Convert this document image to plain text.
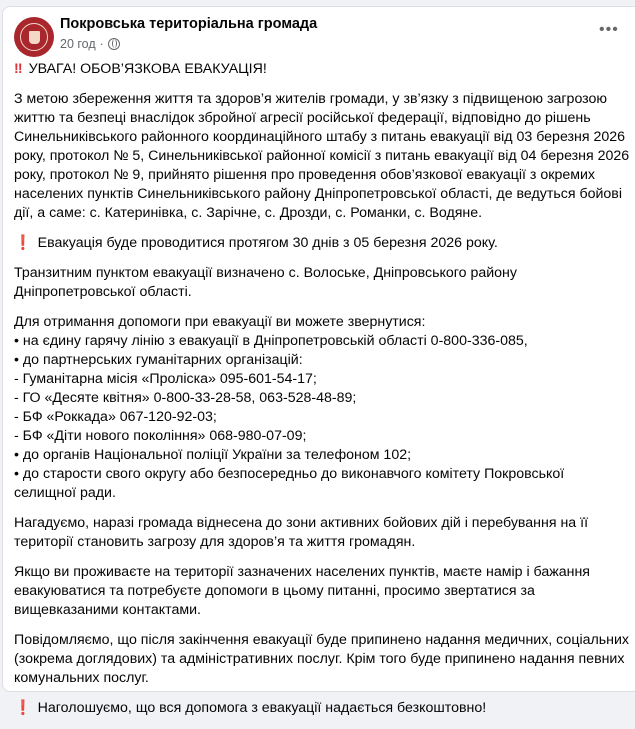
Покровська територіальна громада
20 год ·
•••
‼ УВАГА! ОБОВ’ЯЗКОВА ЕВАКУАЦІЯ!
З метою збереження життя та здоров’я жителів громади, у зв’язку з підвищеною загрозою
життю та безпеці внаслідок збройної агресії російської федерації, відповідно до рішень
Синельниківського районного координаційного штабу з питань евакуації від 03 березня 2026
року, протокол № 5, Синельниківської районної комісії з питань евакуації від 04 березня 2026
року, протокол № 9, прийнято рішення про проведення обов’язкової евакуації з окремих
населених пунктів Синельниківського району Дніпропетровської області, де ведуться бойові
дії, а саме: с. Катеринівка, с. Зарічне, с. Дрозди, с. Романки, с. Водяне.
❗ Евакуація буде проводитися протягом 30 днів з 05 березня 2026 року.
Транзитним пунктом евакуації визначено с. Волоське, Дніпровського району
Дніпропетровської області.
Для отримання допомоги при евакуації ви можете звернутися:
• на єдину гарячу лінію з евакуації в Дніпропетровській області 0-800-336-085,
• до партнерських гуманітарних організацій:
- Гуманітарна місія «Проліска» 095-601-54-17;
- ГО «Десяте квітня» 0-800-33-28-58, 063-528-48-89;
- БФ «Роккада» 067-120-92-03;
- БФ «Діти нового покоління» 068-980-07-09;
• до органів Національної поліції України за телефоном 102;
• до старости свого округу або безпосередньо до виконавчого комітету Покровської
селищної ради.
Нагадуємо, наразі громада віднесена до зони активних бойових дій і перебування на її
території становить загрозу для здоров’я та життя громадян.
Якщо ви проживаєте на території зазначених населених пунктів, маєте намір і бажання
евакуюватися та потребуєте допомоги в цьому питанні, просимо звертатися за
вищевказаними контактами.
Повідомляємо, що після закінчення евакуації буде припинено надання медичних, соціальних
(зокрема доглядових) та адміністративних послуг. Крім того буде припинено надання певних
комунальних послуг.
❗ Наголошуємо, що вся допомога з евакуації надається безкоштовно!
